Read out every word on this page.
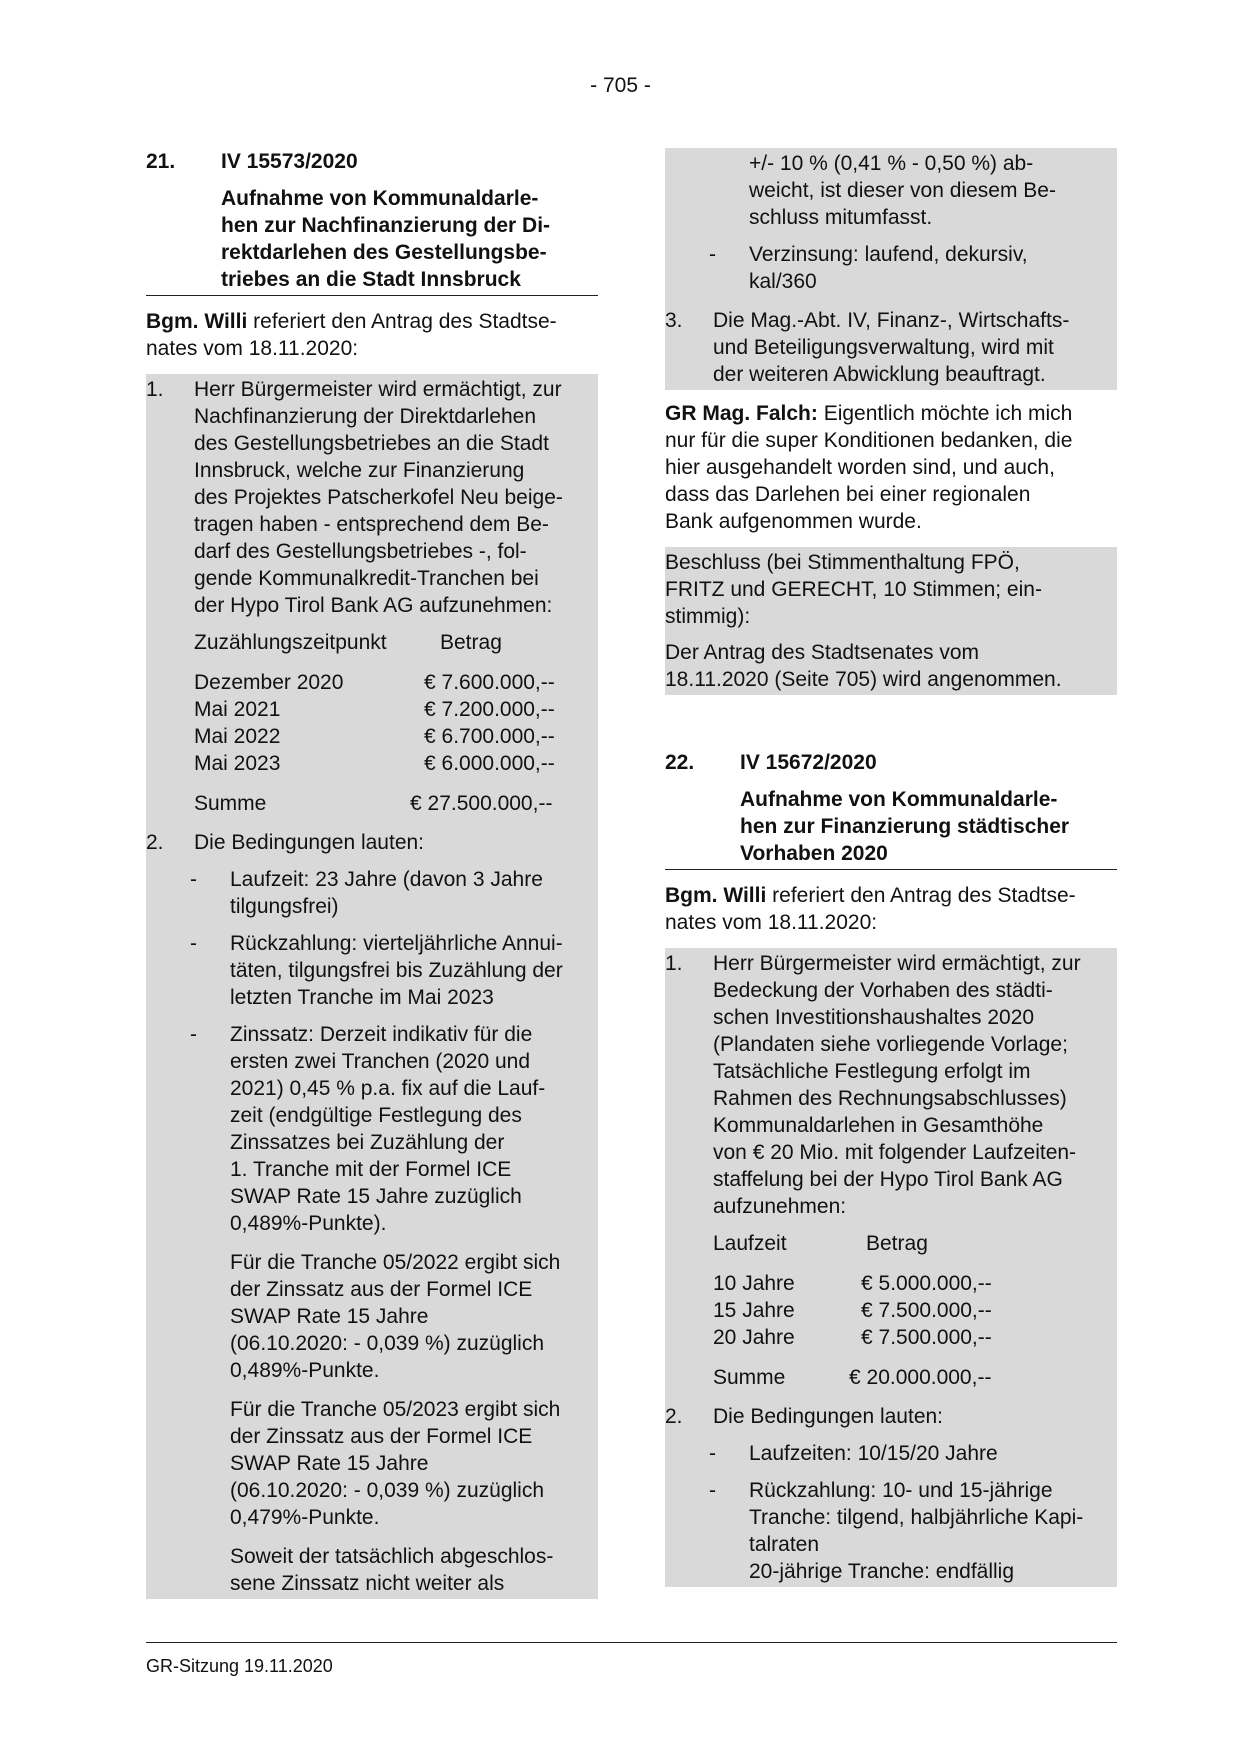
- 705 -
21. IV 15573/2020
Aufnahme von Kommunaldarle-
hen zur Nachfinanzierung der Di-
rektdarlehen des Gestellungsbe-
triebes an die Stadt Innsbruck
Bgm. Willi referiert den Antrag des Stadtse-
nates vom 18.11.2020:
1. Herr Bürgermeister wird ermächtigt, zur
Nachfinanzierung der Direktdarlehen
des Gestellungsbetriebes an die Stadt
Innsbruck, welche zur Finanzierung
des Projektes Patscherkofel Neu beige-
tragen haben - entsprechend dem Be-
darf des Gestellungsbetriebes -, fol-
gende Kommunalkredit-Tranchen bei
der Hypo Tirol Bank AG aufzunehmen:
Zuzählungszeitpunkt	Betrag
Dezember 2020	€ 7.600.000,--
Mai 2021	€ 7.200.000,--
Mai 2022	€ 6.700.000,--
Mai 2023	€ 6.000.000,--
Summe	€ 27.500.000,--
2. Die Bedingungen lauten:
- Laufzeit: 23 Jahre (davon 3 Jahre
tilgungsfrei)
- Rückzahlung: vierteljährliche Annui-
täten, tilgungsfrei bis Zuzählung der
letzten Tranche im Mai 2023
- Zinssatz: Derzeit indikativ für die
ersten zwei Tranchen (2020 und
2021) 0,45 % p.a. fix auf die Lauf-
zeit (endgültige Festlegung des
Zinssatzes bei Zuzählung der
1. Tranche mit der Formel ICE
SWAP Rate 15 Jahre zuzüglich
0,489%-Punkte).
Für die Tranche 05/2022 ergibt sich
der Zinssatz aus der Formel ICE
SWAP Rate 15 Jahre
(06.10.2020: - 0,039 %) zuzüglich
0,489%-Punkte.
Für die Tranche 05/2023 ergibt sich
der Zinssatz aus der Formel ICE
SWAP Rate 15 Jahre
(06.10.2020: - 0,039 %) zuzüglich
0,479%-Punkte.
Soweit der tatsächlich abgeschlos-
sene Zinssatz nicht weiter als
+/- 10 % (0,41 % - 0,50 %) ab-
weicht, ist dieser von diesem Be-
schluss mitumfasst.
- Verzinsung: laufend, dekursiv,
kal/360
3. Die Mag.-Abt. IV, Finanz-, Wirtschafts-
und Beteiligungsverwaltung, wird mit
der weiteren Abwicklung beauftragt.
GR Mag. Falch: Eigentlich möchte ich mich
nur für die super Konditionen bedanken, die
hier ausgehandelt worden sind, und auch,
dass das Darlehen bei einer regionalen
Bank aufgenommen wurde.
Beschluss (bei Stimmenthaltung FPÖ,
FRITZ und GERECHT, 10 Stimmen; ein-
stimmig):
Der Antrag des Stadtsenates vom
18.11.2020 (Seite 705) wird angenommen.
22. IV 15672/2020
Aufnahme von Kommunaldarle-
hen zur Finanzierung städtischer
Vorhaben 2020
Bgm. Willi referiert den Antrag des Stadtse-
nates vom 18.11.2020:
1. Herr Bürgermeister wird ermächtigt, zur
Bedeckung der Vorhaben des städti-
schen Investitionshaushaltes 2020
(Plandaten siehe vorliegende Vorlage;
Tatsächliche Festlegung erfolgt im
Rahmen des Rechnungsabschlusses)
Kommunaldarlehen in Gesamthöhe
von € 20 Mio. mit folgender Laufzeiten-
staffelung bei der Hypo Tirol Bank AG
aufzunehmen:
Laufzeit	Betrag
10 Jahre	€ 5.000.000,--
15 Jahre	€ 7.500.000,--
20 Jahre	€ 7.500.000,--
Summe	€ 20.000.000,--
2. Die Bedingungen lauten:
- Laufzeiten: 10/15/20 Jahre
- Rückzahlung: 10- und 15-jährige
Tranche: tilgend, halbjährliche Kapi-
talraten
20-jährige Tranche: endfällig
GR-Sitzung 19.11.2020
